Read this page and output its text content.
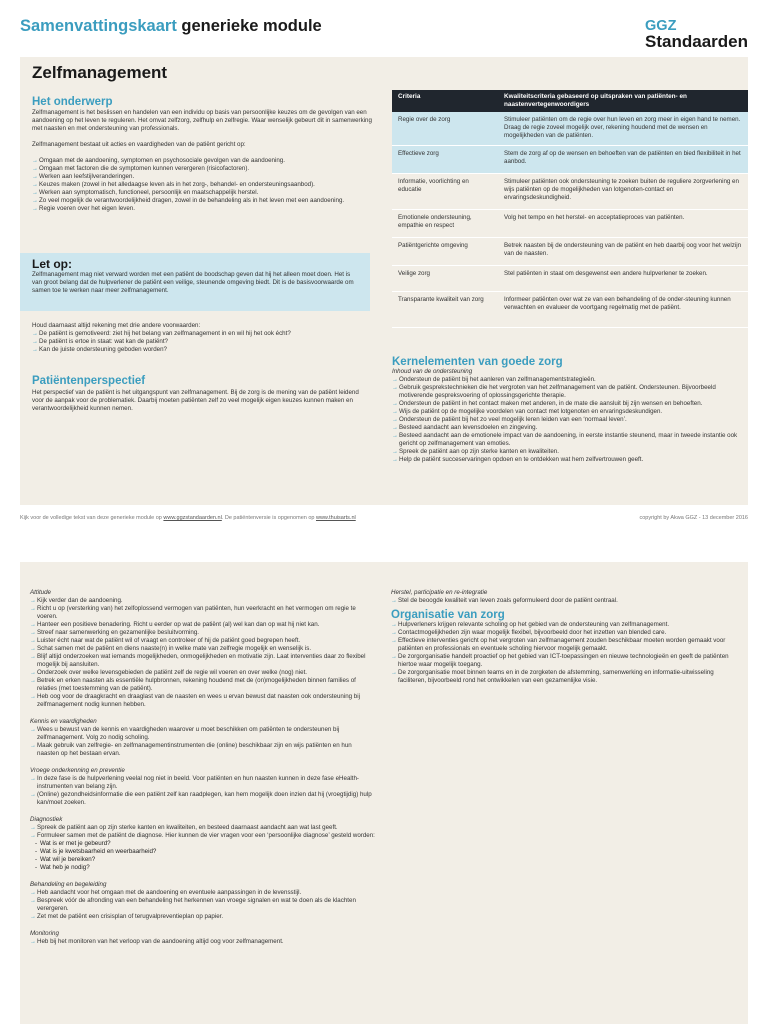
Samenvattingskaart generieke module	GGZ
Standaarden
Zelfmanagement
Het onderwerp
Zelfmanagement is het beslissen en handelen van een individu op basis van persoonlijke keuzes om de gevolgen van een aandoening op het leven te reguleren. Het omvat zelfzorg, zelfhulp en zelfregie. Waar wenselijk gebeurt dit in samenwerking met naasten en met ondersteuning van professionals.
Zelfmanagement bestaat uit acties en vaardigheden van de patiënt gericht op:
→ Omgaan met de aandoening, symptomen en psychosociale gevolgen van de aandoening.
→ Omgaan met factoren die de symptomen kunnen verergeren (risicofactoren).
→ Werken aan leefstijlveranderingen.
→ Keuzes maken (zowel in het alledaagse leven als in het zorg-, behandel- en ondersteuningsaanbod).
→ Werken aan symptomatisch, functioneel, persoonlijk en maatschappelijk herstel.
→ Zo veel mogelijk de verantwoordelijkheid dragen, zowel in de behandeling als in het leven met een aandoening.
→ Regie voeren over het eigen leven.
Let op:
Zelfmanagement mag niet verward worden met een patiënt de boodschap geven dat hij het alleen moet doen. Het is van groot belang dat de hulpverlener de patiënt een veilige, steunende omgeving biedt. Dit is de basisvoorwaarde om samen toe te werken naar meer zelfmanagement.
Houd daarnaast altijd rekening met drie andere voorwaarden:
→ De patiënt is gemotiveerd: ziet hij het belang van zelfmanagement in en wil hij het ook écht?
→ De patiënt is ertoe in staat: wat kan de patiënt?
→ Kan de juiste ondersteuning geboden worden?
Patiëntenperspectief
Het perspectief van de patiënt is het uitgangspunt van zelfmanagement. Bij de zorg is de mening van de patiënt leidend voor de aanpak voor de problematiek. Daarbij moeten patiënten zelf zo veel mogelijk eigen keuzes kunnen maken en verantwoordelijkheid kunnen nemen.
Criteria	Kwaliteitscriteria gebaseerd op uitspraken van patiënten- en naastenvertegenwoordigers
Regie over de zorg	Stimuleer patiënten om de regie over hun leven en zorg meer in eigen hand te nemen. Draag de regie zoveel mogelijk over, rekening houdend met de wensen en mogelijkheden van de patiënten.
Effectieve zorg	Stem de zorg af op de wensen en behoeften van de patiënten en bied flexibiliteit in het aanbod.
Informatie, voorlichting en educatie	Stimuleer patiënten ook ondersteuning te zoeken buiten de reguliere zorgverlening en wijs patiënten op de mogelijkheden van lotgenoten-contact en ervaringsdeskundigheid.
Emotionele ondersteuning, empathie en respect	Volg het tempo en het herstel- en acceptatieproces van patiënten.
Patiëntgerichte omgeving	Betrek naasten bij de ondersteuning van de patiënt en heb daarbij oog voor het welzijn van de naasten.
Veilige zorg	Stel patiënten in staat om desgewenst een andere hulpverlener te zoeken.
Transparante kwaliteit van zorg	Informeer patiënten over wat ze van een behandeling of de onder-steuning kunnen verwachten en evalueer de voortgang regelmatig met de patiënt.
Kernelementen van goede zorg
Inhoud van de ondersteuning
→ Ondersteun de patiënt bij het aanleren van zelfmanagementstrategieën.
→ Gebruik gesprekstechnieken die het vergroten van het zelfmanagement van de patiënt. Ondersteunen. Bijvoorbeeld motiverende gespreksvoering of oplossingsgerichte therapie.
→ Ondersteun de patiënt in het contact maken met anderen, in de mate die aansluit bij zijn wensen en behoeften.
→ Wijs de patiënt op de mogelijke voordelen van contact met lotgenoten en ervaringsdeskundigen.
→ Ondersteun de patiënt bij het zo veel mogelijk leren leiden van een ‘normaal leven’.
→ Besteed aandacht aan levensdoelen en zingeving.
→ Besteed aandacht aan de emotionele impact van de aandoening, in eerste instantie steunend, maar in tweede instantie ook gericht op zelfmanagement van emoties.
→ Spreek de patiënt aan op zijn sterke kanten en kwaliteiten.
→ Help de patiënt succeservaringen opdoen en te ontdekken wat hem zelfvertrouwen geeft.
Kijk voor de volledige tekst van deze generieke module op www.ggzstandaarden.nl. De patiëntenversie is opgenomen op www.thuisarts.nl	copyright by Akwa GGZ - 13 december 2016
Attitude
→ Kijk verder dan de aandoening.
→ Richt u op (versterking van) het zelfoplossend vermogen van patiënten, hun veerkracht en het vermogen om regie te voeren.
→ Hanteer een positieve benadering. Richt u eerder op wat de patiënt (al) wel kan dan op wat hij niet kan.
→ Streef naar samenwerking en gezamenlijke besluitvorming.
→ Luister écht naar wat de patiënt wil of vraagt en controleer of hij de patiënt goed begrepen heeft.
→ Schat samen met de patiënt en diens naaste(n) in welke mate van zelfregie mogelijk en wenselijk is.
→ Blijf altijd onderzoeken wat iemands mogelijkheden, onmogelijkheden en motivatie zijn. Laat interventies daar zo flexibel mogelijk bij aansluiten.
→ Onderzoek over welke levensgebieden de patiënt zelf de regie wil voeren en over welke (nog) niet.
→ Betrek en erken naasten als essentiële hulpbronnen, rekening houdend met de (on)mogelijkheden binnen families of relaties (met toestemming van de patiënt).
→ Heb oog voor de draagkracht en draaglast van de naasten en wees u ervan bewust dat naasten ook ondersteuning bij zelfmanagement nodig kunnen hebben.
Kennis en vaardigheden
→ Wees u bewust van de kennis en vaardigheden waarover u moet beschikken om patiënten te ondersteunen bij zelfmanagement. Volg zo nodig scholing.
→ Maak gebruik van zelfregie- en zelfmanagementinstrumenten die (online) beschikbaar zijn en wijs patiënten en hun naasten op het bestaan ervan.
Vroege onderkenning en preventie
→ In deze fase is de hulpverlening veelal nog niet in beeld. Voor patiënten en hun naasten kunnen in deze fase eHealth-instrumenten van belang zijn.
→ (Online) gezondheidsinformatie die een patiënt zelf kan raadplegen, kan hem mogelijk doen inzien dat hij (vroegtijdig) hulp kan/moet zoeken.
Diagnostiek
→ Spreek de patiënt aan op zijn sterke kanten en kwaliteiten, en besteed daarnaast aandacht aan wat last geeft.
→ Formuleer samen met de patiënt de diagnose. Hier kunnen de vier vragen voor een ‘persoonlijke diagnose’ gesteld worden:
- Wat is er met je gebeurd?
- Wat is je kwetsbaarheid en weerbaarheid?
- Wat wil je bereiken?
- Wat heb je nodig?
Behandeling en begeleiding
→ Heb aandacht voor het omgaan met de aandoening en eventuele aanpassingen in de levensstijl.
→ Bespreek vóór de afronding van een behandeling het herkennen van vroege signalen en wat te doen als de klachten verergeren.
→ Zet met de patiënt een crisisplan of terugvalpreventieplan op papier.
Monitoring
→ Heb bij het monitoren van het verloop van de aandoening altijd oog voor zelfmanagement.
Herstel, participatie en re-integratie
→ Stel de beoogde kwaliteit van leven zoals geformuleerd door de patiënt centraal.
Organisatie van zorg
→ Hulpverleners krijgen relevante scholing op het gebied van de ondersteuning van zelfmanagement.
→ Contactmogelijkheden zijn waar mogelijk flexibel, bijvoorbeeld door het inzetten van blended care.
→ Effectieve interventies gericht op het vergroten van zelfmanagement zouden beschikbaar moeten worden gemaakt voor patiënten en professionals en eventuele scholing hiervoor mogelijk gemaakt.
→ De zorgorganisatie handelt proactief op het gebied van ICT-toepassingen en nieuwe technologieën en geeft de patiënten hiertoe waar mogelijk toegang.
→ De zorgorganisatie moet binnen teams en in de zorgketen de afstemming, samenwerking en informatie-uitwisseling faciliteren, bijvoorbeeld rond het ontwikkelen van een gezamenlijke visie.
